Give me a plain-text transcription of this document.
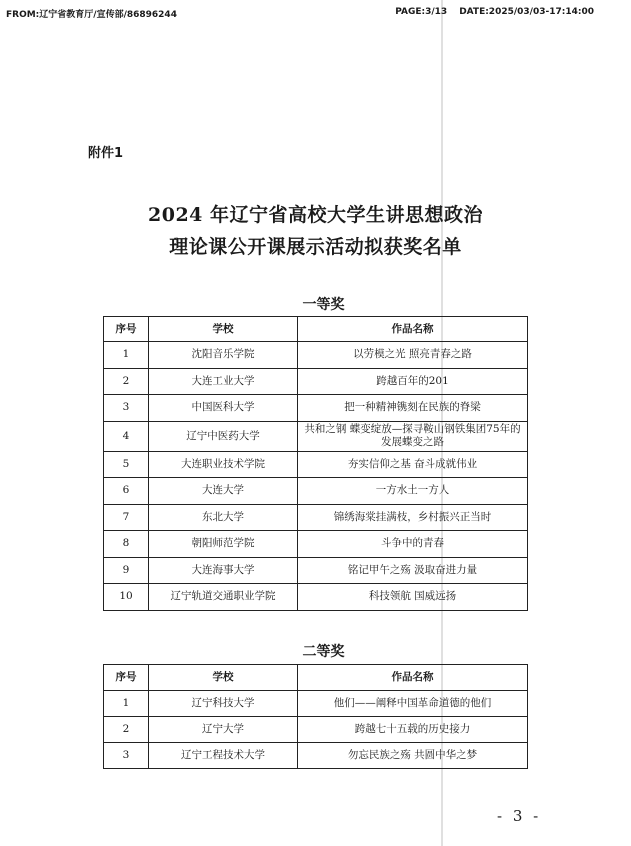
FROM:辽宁省教育厅/宣传部/86896244	PAGE:3/13 DATE:2025/03/03-17:14:00
附件1
2024 年辽宁省高校大学生讲思想政治
理论课公开课展示活动拟获奖名单
一等奖
序号	学校	作品名称
1	沈阳音乐学院	以劳模之光 照亮青春之路
2	大连工业大学	跨越百年的201
3	中国医科大学	把一种精神镌刻在民族的脊梁
4	辽宁中医药大学	共和之钢 蝶变绽放—探寻鞍山钢铁集团75年的发展蝶变之路
5	大连职业技术学院	夯实信仰之基 奋斗成就伟业
6	大连大学	一方水土一方人
7	东北大学	锦绣海棠挂满枝，乡村振兴正当时
8	朝阳师范学院	斗争中的青春
9	大连海事大学	铭记甲午之殇 汲取奋进力量
10	辽宁轨道交通职业学院	科技领航 国威远扬
二等奖
序号	学校	作品名称
1	辽宁科技大学	他们——阐释中国革命道德的他们
2	辽宁大学	跨越七十五载的历史接力
3	辽宁工程技术大学	勿忘民族之殇 共圆中华之梦
- 3 -
